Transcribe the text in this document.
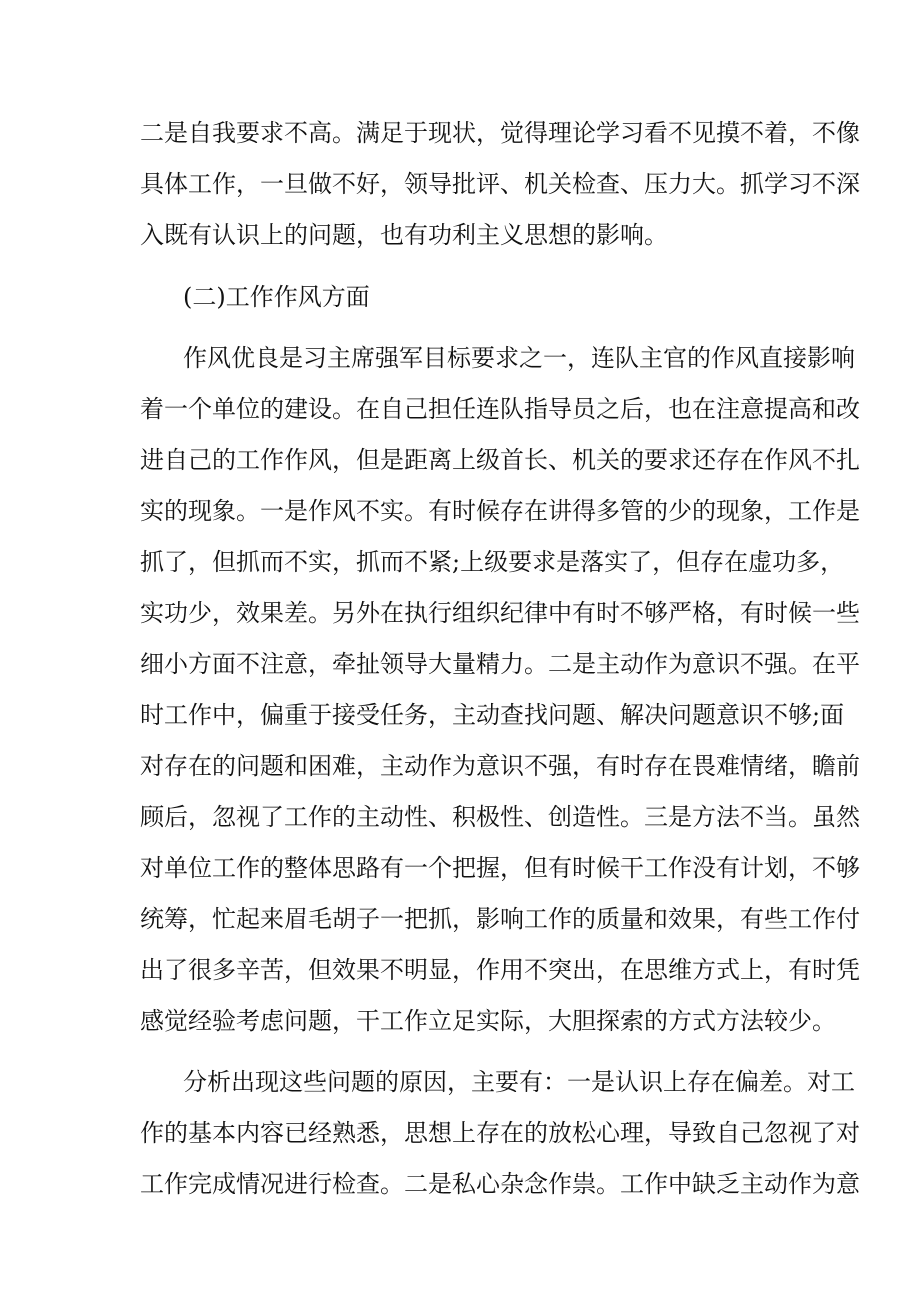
二是自我要求不高。满足于现状，觉得理论学习看不见摸不着，不像
具体工作，一旦做不好，领导批评、机关检查、压力大。抓学习不深
入既有认识上的问题，也有功利主义思想的影响。
(二)工作作风方面
作风优良是习主席强军目标要求之一，连队主官的作风直接影响
着一个单位的建设。在自己担任连队指导员之后，也在注意提高和改
进自己的工作作风，但是距离上级首长、机关的要求还存在作风不扎
实的现象。一是作风不实。有时候存在讲得多管的少的现象，工作是
抓了，但抓而不实，抓而不紧;上级要求是落实了，但存在虚功多，
实功少，效果差。另外在执行组织纪律中有时不够严格，有时候一些
细小方面不注意，牵扯领导大量精力。二是主动作为意识不强。在平
时工作中，偏重于接受任务，主动查找问题、解决问题意识不够;面
对存在的问题和困难，主动作为意识不强，有时存在畏难情绪，瞻前
顾后，忽视了工作的主动性、积极性、创造性。三是方法不当。虽然
对单位工作的整体思路有一个把握，但有时候干工作没有计划，不够
统筹，忙起来眉毛胡子一把抓，影响工作的质量和效果，有些工作付
出了很多辛苦，但效果不明显，作用不突出，在思维方式上，有时凭
感觉经验考虑问题，干工作立足实际，大胆探索的方式方法较少。
分析出现这些问题的原因，主要有：一是认识上存在偏差。对工
作的基本内容已经熟悉，思想上存在的放松心理，导致自己忽视了对
工作完成情况进行检查。二是私心杂念作祟。工作中缺乏主动作为意
